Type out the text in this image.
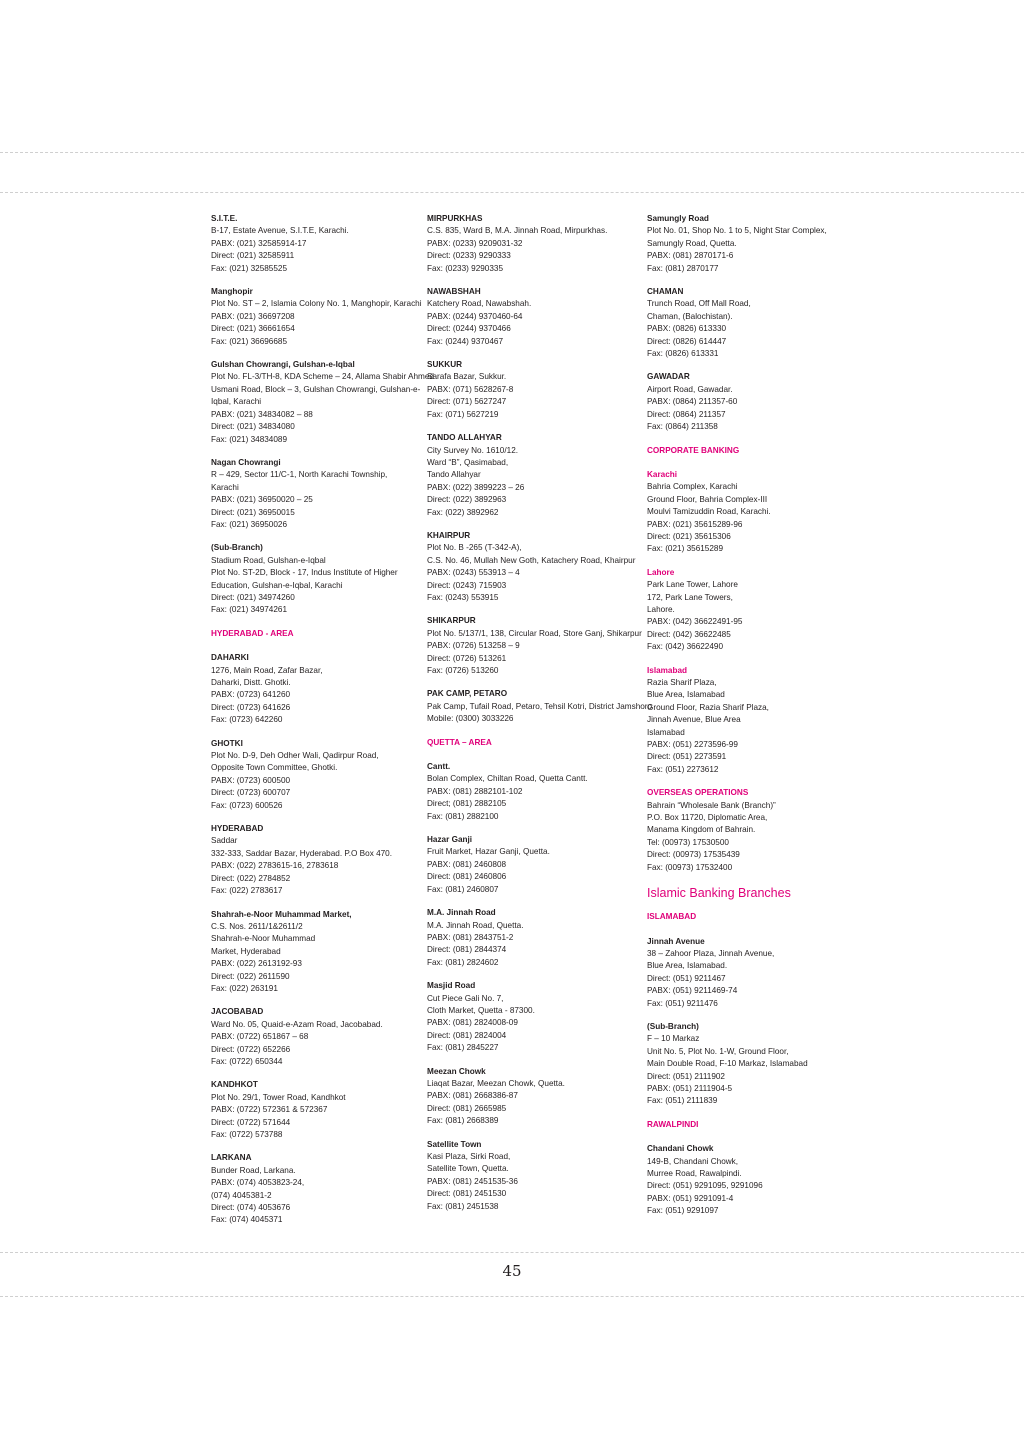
S.I.T.E.
B-17, Estate Avenue, S.I.T.E, Karachi.
PABX: (021) 32585914-17
Direct: (021) 32585911
Fax: (021) 32585525
Manghopir
Plot No. ST – 2, Islamia Colony No. 1, Manghopir, Karachi
PABX: (021) 36697208
Direct: (021) 36661654
Fax: (021) 36696685
Gulshan Chowrangi, Gulshan-e-Iqbal
Plot No. FL-3/TH-8, KDA Scheme – 24, Allama Shabir Ahmed
Usmani Road, Block – 3, Gulshan Chowrangi, Gulshan-e-
Iqbal, Karachi
PABX: (021) 34834082 – 88
Direct: (021) 34834080
Fax: (021) 34834089
Nagan Chowrangi
R – 429, Sector 11/C-1, North Karachi Township,
Karachi
PABX: (021) 36950020 – 25
Direct: (021) 36950015
Fax: (021) 36950026
(Sub-Branch)
Stadium Road, Gulshan-e-Iqbal
Plot No. ST-2D, Block - 17, Indus Institute of Higher
Education, Gulshan-e-Iqbal, Karachi
Direct: (021) 34974260
Fax: (021) 34974261
HYDERABAD - AREA
DAHARKI
1276, Main Road, Zafar Bazar,
Daharki, Distt. Ghotki.
PABX: (0723) 641260
Direct: (0723) 641626
Fax: (0723) 642260
GHOTKI
Plot No. D-9, Deh Odher Wali, Qadirpur Road,
Opposite Town Committee, Ghotki.
PABX: (0723) 600500
Direct: (0723) 600707
Fax: (0723) 600526
HYDERABAD
Saddar
332-333, Saddar Bazar, Hyderabad. P.O Box 470.
PABX: (022) 2783615-16, 2783618
Direct: (022) 2784852
Fax: (022) 2783617
Shahrah-e-Noor Muhammad Market,
C.S. Nos. 2611/1&2611/2
Shahrah-e-Noor Muhammad
Market, Hyderabad
PABX: (022) 2613192-93
Direct: (022) 2611590
Fax: (022) 263191
JACOBABAD
Ward No. 05, Quaid-e-Azam Road, Jacobabad.
PABX: (0722) 651867 – 68
Direct: (0722) 652266
Fax: (0722) 650344
KANDHKOT
Plot No. 29/1, Tower Road, Kandhkot
PABX: (0722) 572361 & 572367
Direct: (0722) 571644
Fax: (0722) 573788
LARKANA
Bunder Road, Larkana.
PABX: (074) 4053823-24,
(074) 4045381-2
Direct: (074) 4053676
Fax: (074) 4045371
MIRPURKHAS
C.S. 835, Ward B, M.A. Jinnah Road, Mirpurkhas.
PABX: (0233) 9209031-32
Direct: (0233) 9290333
Fax: (0233) 9290335
NAWABSHAH
Katchery Road, Nawabshah.
PABX: (0244) 9370460-64
Direct: (0244) 9370466
Fax: (0244) 9370467
SUKKUR
Sarafa Bazar, Sukkur.
PABX: (071) 5628267-8
Direct: (071) 5627247
Fax: (071) 5627219
TANDO ALLAHYAR
City Survey No. 1610/12.
Ward “B”, Qasimabad,
Tando Allahyar
PABX: (022) 3899223 – 26
Direct: (022) 3892963
Fax: (022) 3892962
KHAIRPUR
Plot No. B -265 (T-342-A),
C.S. No. 46, Mullah New Goth, Katachery Road, Khairpur
PABX: (0243) 553913 – 4
Direct: (0243) 715903
Fax: (0243) 553915
SHIKARPUR
Plot No. 5/137/1, 138, Circular Road, Store Ganj, Shikarpur
PABX: (0726) 513258 – 9
Direct: (0726) 513261
Fax: (0726) 513260
PAK CAMP, PETARO
Pak Camp, Tufail Road, Petaro, Tehsil Kotri, District Jamshoro
Mobile: (0300) 3033226
QUETTA – AREA
Cantt.
Bolan Complex, Chiltan Road, Quetta Cantt.
PABX: (081) 2882101-102
Direct; (081) 2882105
Fax: (081) 2882100
Hazar Ganji
Fruit Market, Hazar Ganji, Quetta.
PABX: (081) 2460808
Direct: (081) 2460806
Fax: (081) 2460807
M.A. Jinnah Road
M.A. Jinnah Road, Quetta.
PABX: (081) 2843751-2
Direct: (081) 2844374
Fax: (081) 2824602
Masjid Road
Cut Piece Gali No. 7,
Cloth Market, Quetta - 87300.
PABX: (081) 2824008-09
Direct: (081) 2824004
Fax: (081) 2845227
Meezan Chowk
Liaqat Bazar, Meezan Chowk, Quetta.
PABX: (081) 2668386-87
Direct: (081) 2665985
Fax: (081) 2668389
Satellite Town
Kasi Plaza, Sirki Road,
Satellite Town, Quetta.
PABX: (081) 2451535-36
Direct: (081) 2451530
Fax: (081) 2451538
Samungly Road
Plot No. 01, Shop No. 1 to 5, Night Star Complex,
Samungly Road, Quetta.
PABX: (081) 2870171-6
Fax: (081) 2870177
CHAMAN
Trunch Road, Off Mall Road,
Chaman, (Balochistan).
PABX: (0826) 613330
Direct: (0826) 614447
Fax: (0826) 613331
GAWADAR
Airport Road, Gawadar.
PABX: (0864) 211357-60
Direct: (0864) 211357
Fax: (0864) 211358
CORPORATE BANKING
Karachi
Bahria Complex, Karachi
Ground Floor, Bahria Complex-III
Moulvi Tamizuddin Road, Karachi.
PABX: (021) 35615289-96
Direct: (021) 35615306
Fax: (021) 35615289
Lahore
Park Lane Tower, Lahore
172, Park Lane Towers,
Lahore.
PABX: (042) 36622491-95
Direct: (042) 36622485
Fax: (042) 36622490
Islamabad
Razia Sharif Plaza,
Blue Area, Islamabad
Ground Floor, Razia Sharif Plaza,
Jinnah Avenue, Blue Area
Islamabad
PABX: (051) 2273596-99
Direct: (051) 2273591
Fax: (051) 2273612
OVERSEAS OPERATIONS
Bahrain “Wholesale Bank (Branch)”
P.O. Box 11720, Diplomatic Area,
Manama Kingdom of Bahrain.
Tel: (00973) 17530500
Direct: (00973) 17535439
Fax: (00973) 17532400
Islamic Banking Branches
ISLAMABAD
Jinnah Avenue
38 – Zahoor Plaza, Jinnah Avenue,
Blue Area, Islamabad.
Direct: (051) 9211467
PABX: (051) 9211469-74
Fax: (051) 9211476
(Sub-Branch)
F – 10 Markaz
Unit No. 5, Plot No. 1-W, Ground Floor,
Main Double Road, F-10 Markaz, Islamabad
Direct: (051) 2111902
PABX: (051) 2111904-5
Fax: (051) 2111839
RAWALPINDI
Chandani Chowk
149-B, Chandani Chowk,
Murree Road, Rawalpindi.
Direct: (051) 9291095, 9291096
PABX: (051) 9291091-4
Fax: (051) 9291097
45
